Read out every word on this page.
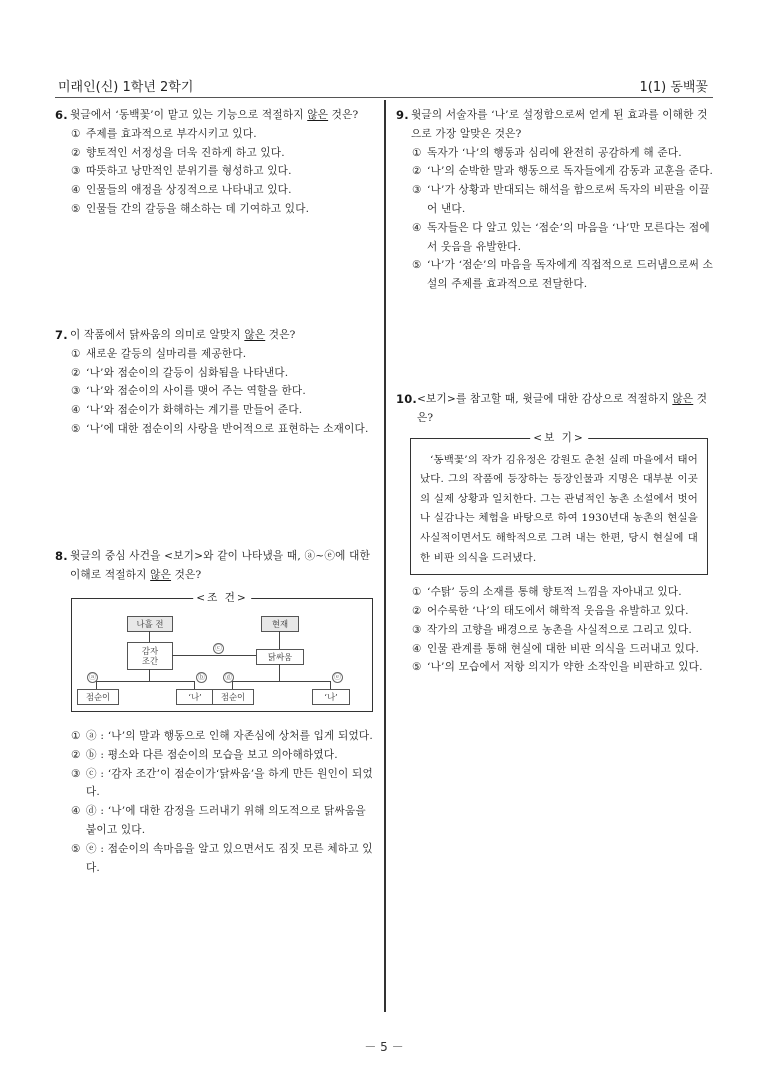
미래인(신) 1학년 2학기	1(1) 동백꽃
6. 윗글에서 ‘동백꽃’이 맡고 있는 기능으로 적절하지 않은 것은?
① 주제를 효과적으로 부각시키고 있다.
② 향토적인 서정성을 더욱 진하게 하고 있다.
③ 따뜻하고 낭만적인 분위기를 형성하고 있다.
④ 인물들의 애정을 상징적으로 나타내고 있다.
⑤ 인물들 간의 갈등을 해소하는 데 기여하고 있다.
7. 이 작품에서 닭싸움의 의미로 알맞지 않은 것은?
① 새로운 갈등의 실마리를 제공한다.
② ‘나’와 점순이의 갈등이 심화됨을 나타낸다.
③ ‘나’와 점순이의 사이를 맺어 주는 역할을 한다.
④ ‘나’와 점순이가 화해하는 계기를 만들어 준다.
⑤ ‘나’에 대한 점순이의 사랑을 반어적으로 표현하는 소재이다.
8. 윗글의 중심 사건을 <보기>와 같이 나타냈을 때, ⓐ~ⓔ에 대한 이해로 적절하지 않은 것은?
<조 건>
나흘 전	현재
감자
조간	닭싸움
ⓒ
ⓐ	ⓑ
점순이	‘나’
ⓓ	ⓔ
점순이	‘나’
① ⓐ : ‘나’의 말과 행동으로 인해 자존심에 상처를 입게 되었다.
② ⓑ : 평소와 다른 점순이의 모습을 보고 의아해하였다.
③ ⓒ : ‘감자 조간’이 점순이가‘닭싸움’을 하게 만든 원인이 되었다.
④ ⓓ : ‘나’에 대한 감정을 드러내기 위해 의도적으로 닭싸움을 붙이고 있다.
⑤ ⓔ : 점순이의 속마음을 알고 있으면서도 짐짓 모른 체하고 있다.
9. 윗글의 서술자를 ‘나’로 설정함으로써 얻게 된 효과를 이해한 것으로 가장 알맞은 것은?
① 독자가 ‘나’의 행동과 심리에 완전히 공감하게 해 준다.
② ‘나’의 순박한 말과 행동으로 독자들에게 감동과 교훈을 준다.
③ ‘나’가 상황과 반대되는 해석을 함으로써 독자의 비판을 이끌어 낸다.
④ 독자들은 다 알고 있는 ‘점순’의 마음을 ‘나’만 모른다는 점에서 웃음을 유발한다.
⑤ ‘나’가 ‘점순’의 마음을 독자에게 직접적으로 드러냄으로써 소설의 주제를 효과적으로 전달한다.
10. <보기>를 참고할 때, 윗글에 대한 감상으로 적절하지 않은 것은?
<보 기>
‘동백꽃’의 작가 김유정은 강원도 춘천 실레 마을에서 태어났다. 그의 작품에 등장하는 등장인물과 지명은 대부분 이곳의 실제 상황과 일치한다. 그는 관념적인 농촌 소설에서 벗어나 실감나는 체험을 바탕으로 하여 1930년대 농촌의 현실을 사실적이면서도 해학적으로 그려 내는 한편, 당시 현실에 대한 비판 의식을 드러냈다.
① ‘수탉’ 등의 소재를 통해 향토적 느낌을 자아내고 있다.
② 어수룩한 ‘나’의 태도에서 해학적 웃음을 유발하고 있다.
③ 작가의 고향을 배경으로 농촌을 사실적으로 그리고 있다.
④ 인물 관계를 통해 현실에 대한 비판 의식을 드러내고 있다.
⑤ ‘나’의 모습에서 저항 의지가 약한 소작인을 비판하고 있다.
－ 5 －
